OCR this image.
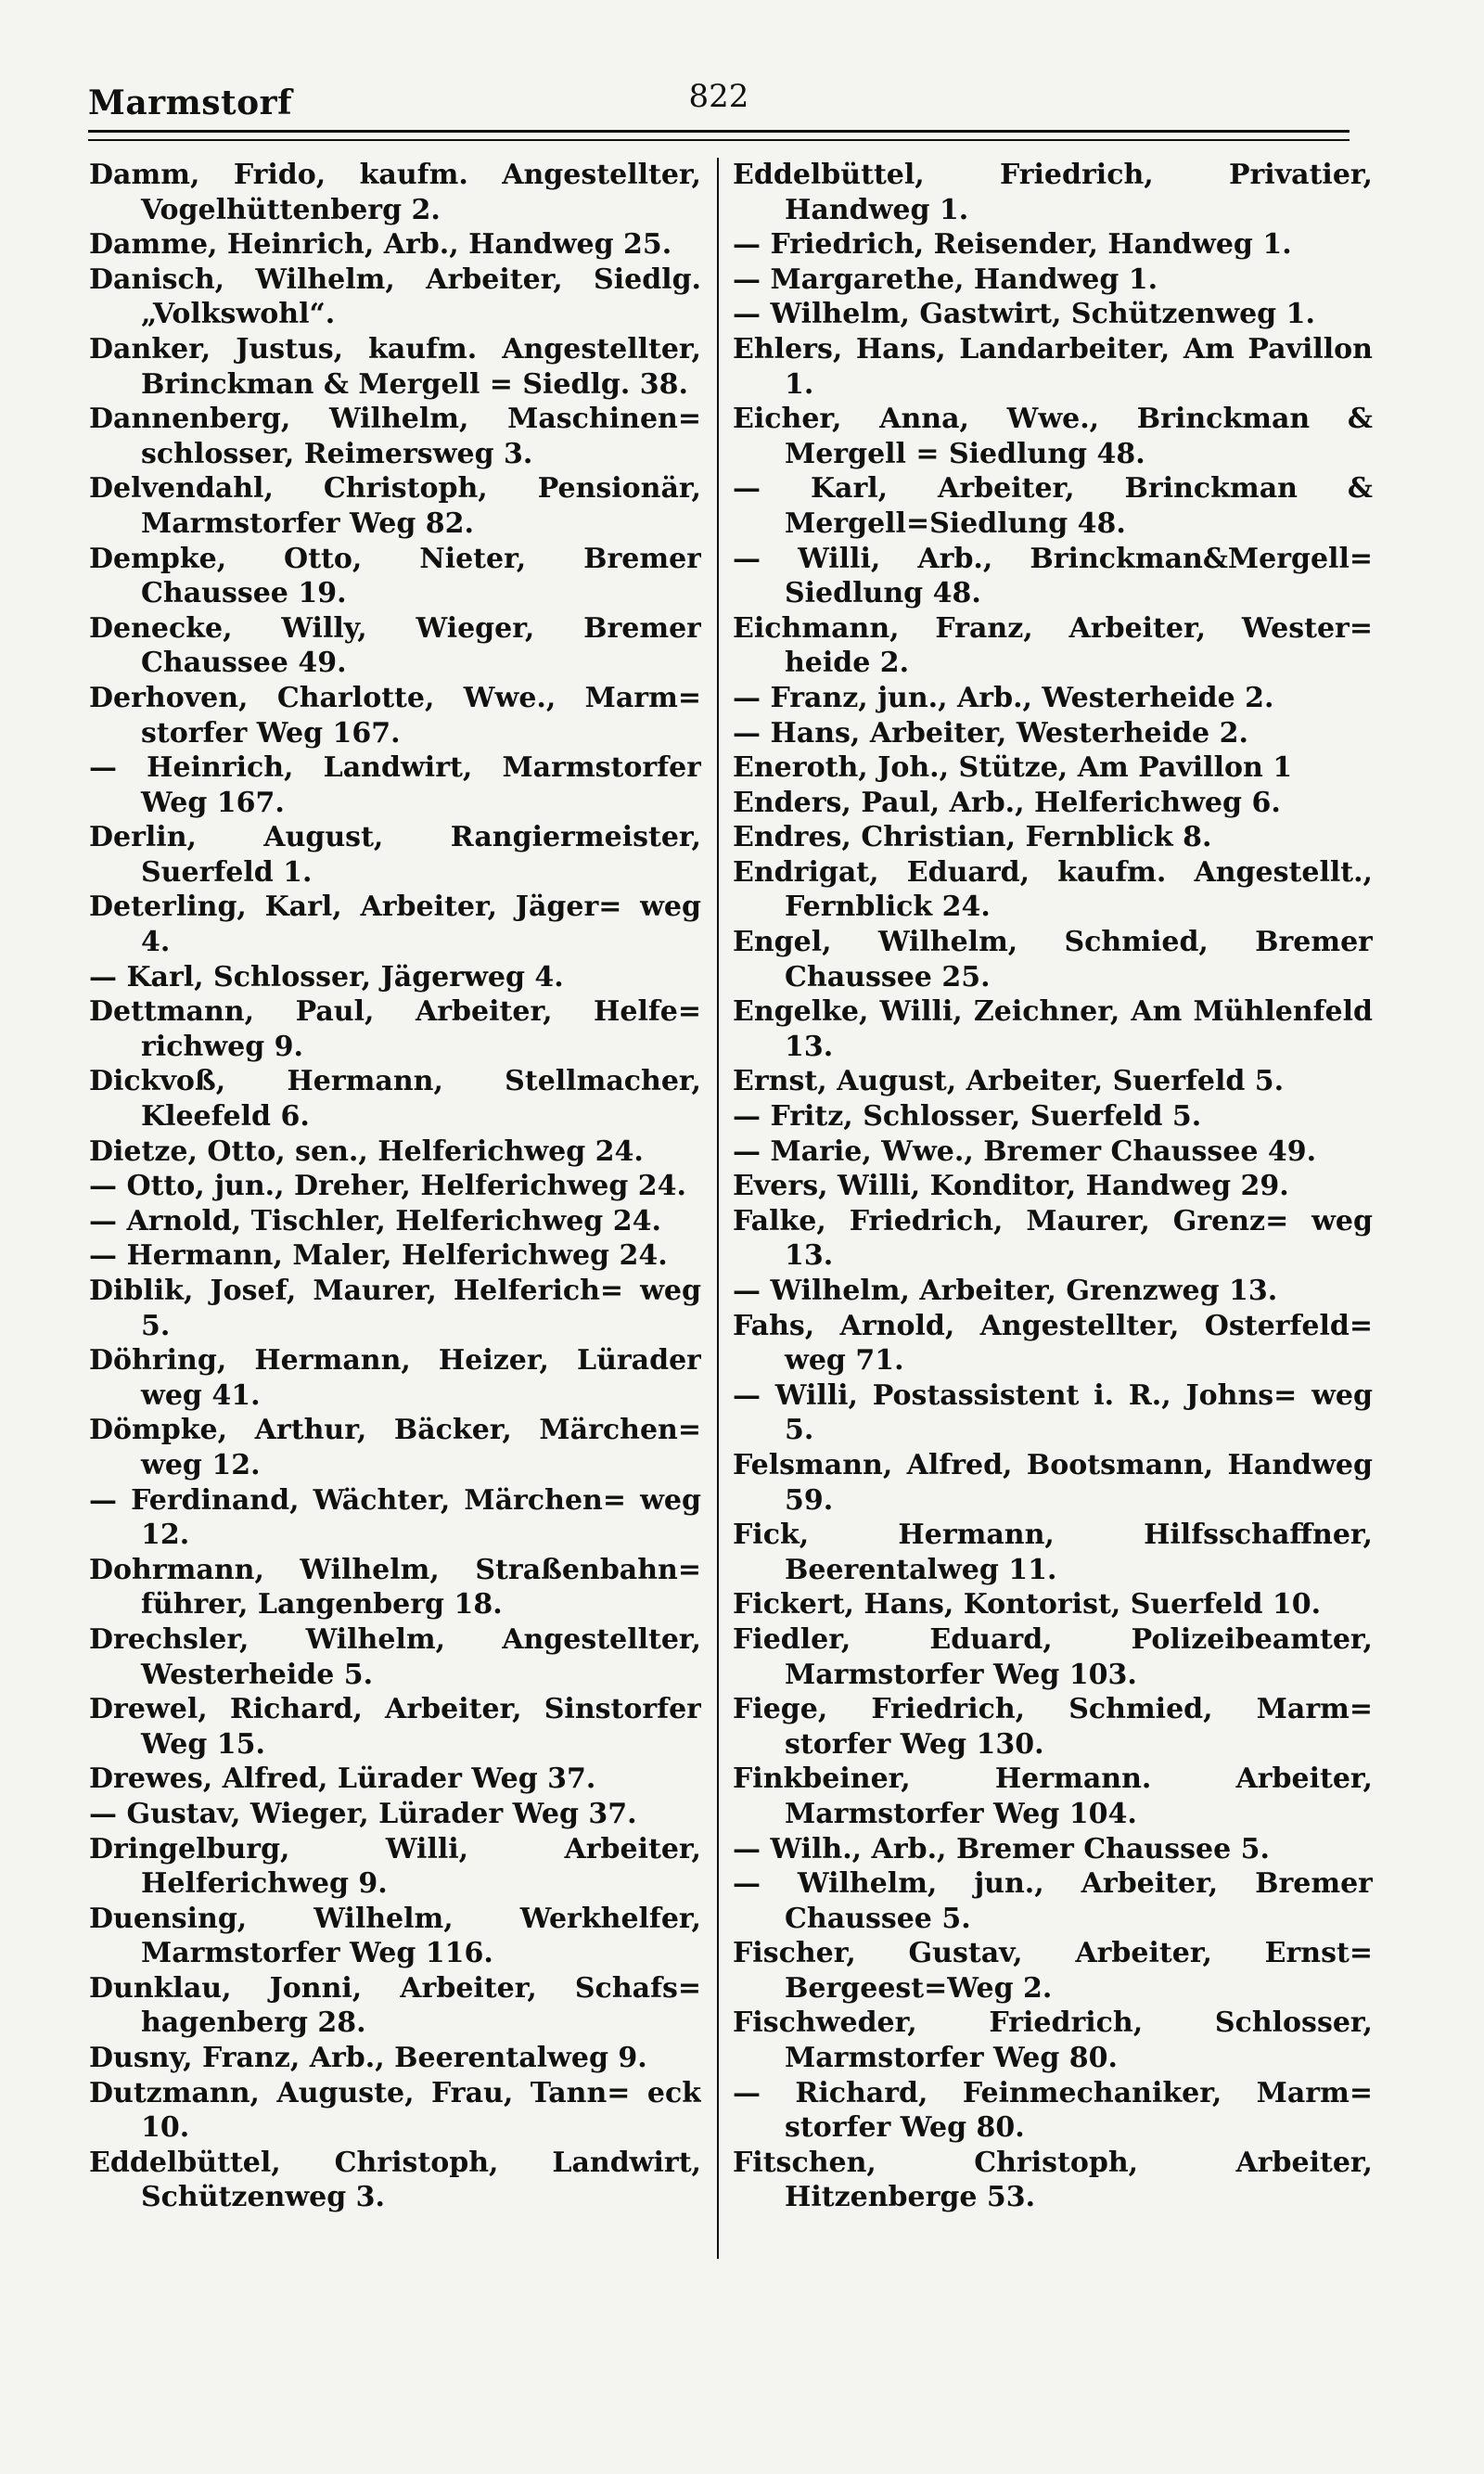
Marmstorf	822

Damm, Frido, kaufm. Angestellter, Vogelhüttenberg 2.

Damme, Heinrich, Arb., Handweg 25.

Danisch, Wilhelm, Arbeiter, Siedlg. „Volkswohl“.

Danker, Justus, kaufm. Angestellter, Brinckman & Mergell = Siedlg. 38.

Dannenberg, Wilhelm, Maschinen= schlosser, Reimersweg 3.

Delvendahl, Christoph, Pensionär, Marmstorfer Weg 82.

Dempke, Otto, Nieter, Bremer Chaussee 19.

Denecke, Willy, Wieger, Bremer Chaussee 49.

Derhoven, Charlotte, Wwe., Marm= storfer Weg 167.

— Heinrich, Landwirt, Marmstorfer Weg 167.

Derlin, August, Rangiermeister, Suerfeld 1.

Deterling, Karl, Arbeiter, Jäger= weg 4.

— Karl, Schlosser, Jägerweg 4.

Dettmann, Paul, Arbeiter, Helfe= richweg 9.

Dickvoß, Hermann, Stellmacher, Kleefeld 6.

Dietze, Otto, sen., Helferichweg 24.

— Otto, jun., Dreher, Helferichweg 24.

— Arnold, Tischler, Helferichweg 24.

— Hermann, Maler, Helferichweg 24.

Diblik, Josef, Maurer, Helferich= weg 5.

Döhring, Hermann, Heizer, Lürader weg 41.

Dömpke, Arthur, Bäcker, Märchen= weg 12.

— Ferdinand, Wächter, Märchen= weg 12.

Dohrmann, Wilhelm, Straßenbahn= führer, Langenberg 18.

Drechsler, Wilhelm, Angestellter, Westerheide 5.

Drewel, Richard, Arbeiter, Sinstorfer Weg 15.

Drewes, Alfred, Lürader Weg 37.

— Gustav, Wieger, Lürader Weg 37.

Dringelburg, Willi, Arbeiter, Helferichweg 9.

Duensing, Wilhelm, Werkhelfer, Marmstorfer Weg 116.

Dunklau, Jonni, Arbeiter, Schafs= hagenberg 28.

Dusny, Franz, Arb., Beerentalweg 9.

Dutzmann, Auguste, Frau, Tann= eck 10.

Eddelbüttel, Christoph, Landwirt, Schützenweg 3.

Eddelbüttel, Friedrich, Privatier, Handweg 1.

— Friedrich, Reisender, Handweg 1.

— Margarethe, Handweg 1.

— Wilhelm, Gastwirt, Schützenweg 1.

Ehlers, Hans, Landarbeiter, Am Pavillon 1.

Eicher, Anna, Wwe., Brinckman & Mergell = Siedlung 48.

— Karl, Arbeiter, Brinckman & Mergell=Siedlung 48.

— Willi, Arb., Brinckman&Mergell= Siedlung 48.

Eichmann, Franz, Arbeiter, Wester= heide 2.

— Franz, jun., Arb., Westerheide 2.

— Hans, Arbeiter, Westerheide 2.

Eneroth, Joh., Stütze, Am Pavillon 1

Enders, Paul, Arb., Helferichweg 6.

Endres, Christian, Fernblick 8.

Endrigat, Eduard, kaufm. Angestellt., Fernblick 24.

Engel, Wilhelm, Schmied, Bremer Chaussee 25.

Engelke, Willi, Zeichner, Am Mühlenfeld 13.

Ernst, August, Arbeiter, Suerfeld 5.

— Fritz, Schlosser, Suerfeld 5.

— Marie, Wwe., Bremer Chaussee 49.

Evers, Willi, Konditor, Handweg 29.

Falke, Friedrich, Maurer, Grenz= weg 13.

— Wilhelm, Arbeiter, Grenzweg 13.

Fahs, Arnold, Angestellter, Osterfeld= weg 71.

— Willi, Postassistent i. R., Johns= weg 5.

Felsmann, Alfred, Bootsmann, Handweg 59.

Fick, Hermann, Hilfsschaffner, Beerentalweg 11.

Fickert, Hans, Kontorist, Suerfeld 10.

Fiedler, Eduard, Polizeibeamter, Marmstorfer Weg 103.

Fiege, Friedrich, Schmied, Marm= storfer Weg 130.

Finkbeiner, Hermann. Arbeiter, Marmstorfer Weg 104.

— Wilh., Arb., Bremer Chaussee 5.

— Wilhelm, jun., Arbeiter, Bremer Chaussee 5.

Fischer, Gustav, Arbeiter, Ernst= Bergeest=Weg 2.

Fischweder, Friedrich, Schlosser, Marmstorfer Weg 80.

— Richard, Feinmechaniker, Marm= storfer Weg 80.

Fitschen, Christoph, Arbeiter, Hitzenberge 53.
